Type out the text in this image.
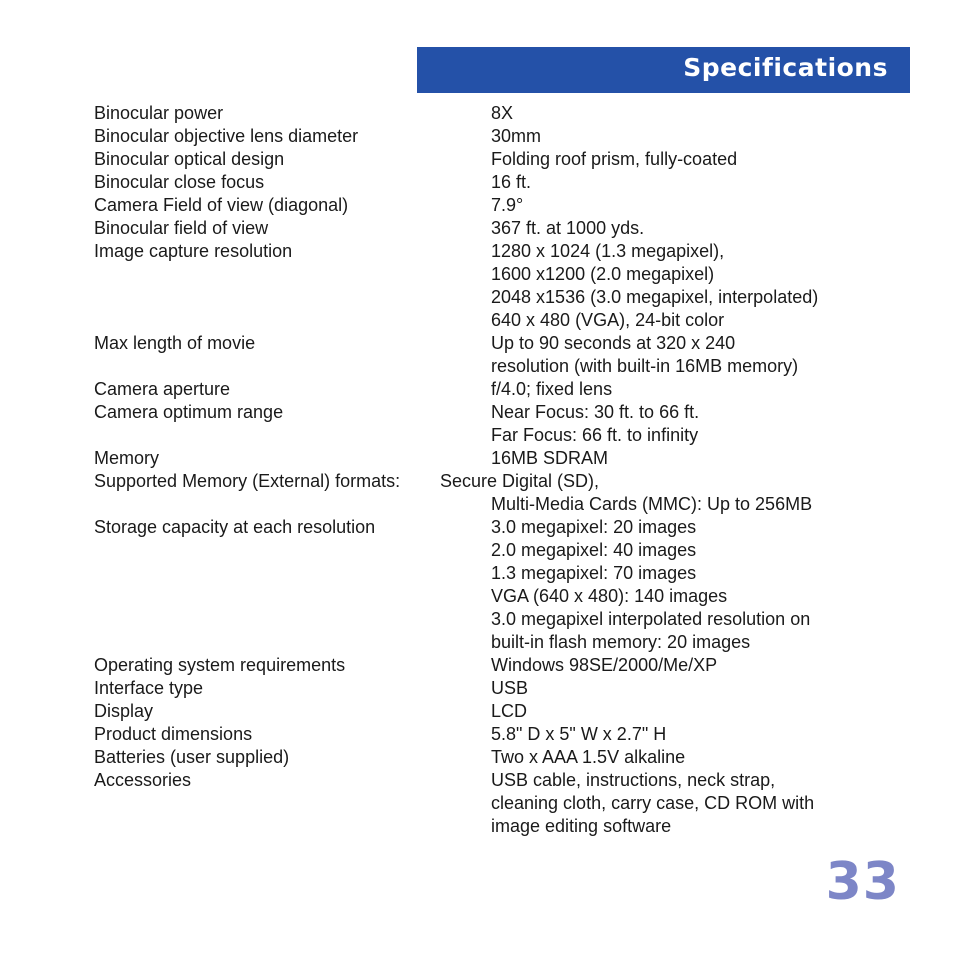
Specifications
Binocular power	8X
Binocular objective lens diameter	30mm
Binocular optical design	Folding roof prism, fully-coated
Binocular close focus	16 ft.
Camera Field of view (diagonal)	7.9°
Binocular field of view	367 ft. at 1000 yds.
Image capture resolution	1280 x 1024 (1.3 megapixel),
1600 x1200 (2.0 megapixel)
2048 x1536 (3.0 megapixel, interpolated)
640 x 480 (VGA), 24-bit color
Max length of movie	Up to 90 seconds at 320 x 240
resolution (with built-in 16MB memory)
Camera aperture	f/4.0; fixed lens
Camera optimum range	Near Focus: 30 ft. to 66 ft.
Far Focus: 66 ft. to infinity
Memory	16MB SDRAM
Supported Memory (External) formats: Secure Digital (SD),
Multi-Media Cards (MMC): Up to 256MB
Storage capacity at each resolution	3.0 megapixel: 20 images
2.0 megapixel: 40 images
1.3 megapixel: 70 images
VGA (640 x 480): 140 images
3.0 megapixel interpolated resolution on
built-in flash memory: 20 images
Operating system requirements	Windows 98SE/2000/Me/XP
Interface type	USB
Display	LCD
Product dimensions	5.8" D x 5" W x 2.7" H
Batteries (user supplied)	Two x AAA 1.5V alkaline
Accessories	USB cable, instructions, neck strap,
cleaning cloth, carry case, CD ROM with
image editing software
33
